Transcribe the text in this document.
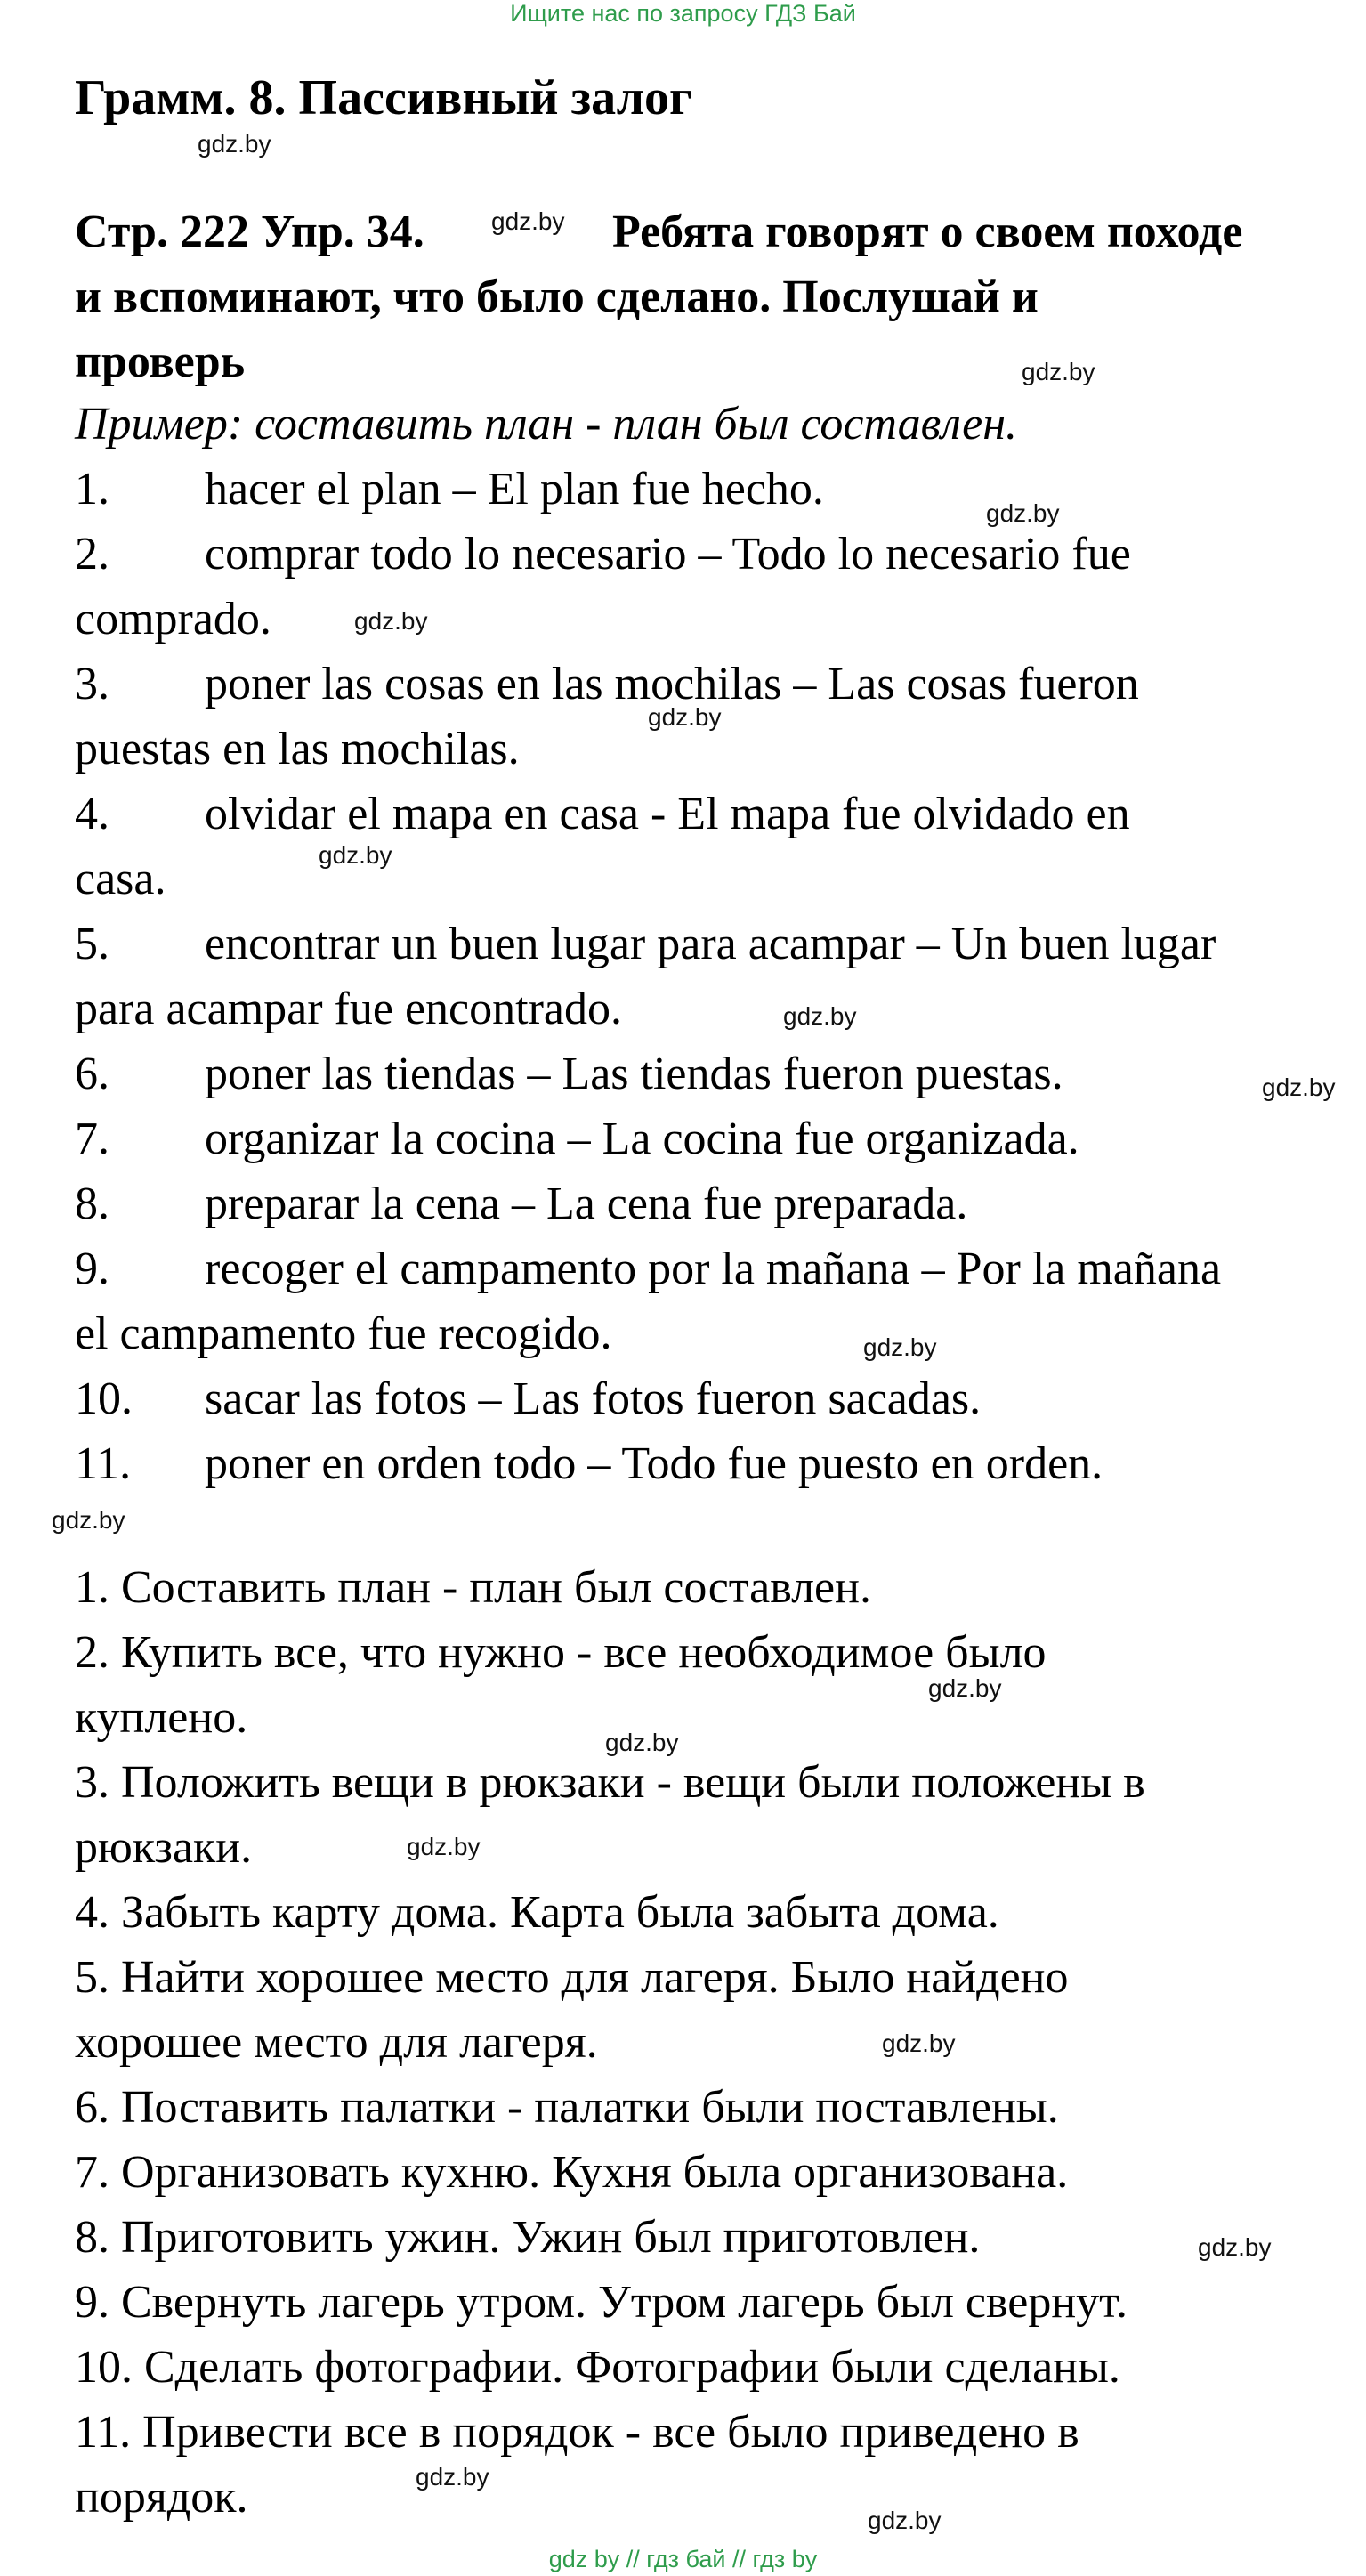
Ищите нас по запросу ГДЗ Бай
Грамм. 8. Пассивный залог
Стр. 222 Упр. 34.	Ребята говорят о своем походе
и вспоминают, что было сделано. Послушай и
проверь
Пример: составить план - план был составлен.
1. hacer el plan – El plan fue hecho.
2. comprar todo lo necesario – Todo lo necesario fue
comprado.
3. poner las cosas en las mochilas – Las cosas fueron
puestas en las mochilas.
4. olvidar el mapa en casa - El mapa fue olvidado en
casa.
5. encontrar un buen lugar para acampar – Un buen lugar
para acampar fue encontrado.
6. poner las tiendas – Las tiendas fueron puestas.
7. organizar la cocina – La cocina fue organizada.
8. preparar la cena – La cena fue preparada.
9. recoger el campamento por la mañana – Por la mañana
el campamento fue recogido.
10. sacar las fotos – Las fotos fueron sacadas.
11. poner en orden todo – Todo fue puesto en orden.
1. Составить план - план был составлен.
2. Купить все, что нужно - все необходимое было
куплено.
3. Положить вещи в рюкзаки - вещи были положены в
рюкзаки.
4. Забыть карту дома. Карта была забыта дома.
5. Найти хорошее место для лагеря. Было найдено
хорошее место для лагеря.
6. Поставить палатки - палатки были поставлены.
7. Организовать кухню. Кухня была организована.
8. Приготовить ужин. Ужин был приготовлен.
9. Свернуть лагерь утром. Утром лагерь был свернут.
10. Сделать фотографии. Фотографии были сделаны.
11. Привести все в порядок - все было приведено в
порядок.
gdz.by
gdz.by
gdz.by
gdz.by
gdz.by
gdz.by
gdz.by
gdz.by
gdz.by
gdz.by
gdz.by
gdz.by
gdz.by
gdz.by
gdz.by
gdz.by
gdz.by
gdz.by
gdz by // гдз бай // гдз by
